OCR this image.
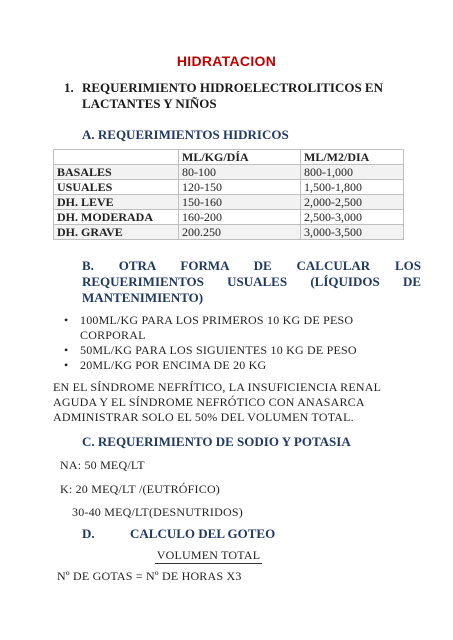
HIDRATACION
1. REQUERIMIENTO HIDROELECTROLITICOS EN LACTANTES Y NIÑOS
A. REQUERIMIENTOS HIDRICOS
	ML/KG/DÍA	ML/M2/DIA
BASALES	80-100	800-1,000
USUALES	120-150	1,500-1,800
DH. LEVE	150-160	2,000-2,500
DH. MODERADA	160-200	2,500-3,000
DH. GRAVE	200.250	3,000-3,500
B.     OTRA     FORMA     DE     CALCULAR     LOS
REQUERIMIENTOS      USUALES      (LÍQUIDOS      DE
MANTENIMIENTO)
• 100ML/KG PARA LOS PRIMEROS 10 KG DE PESO
CORPORAL
• 50ML/KG PARA LOS SIGUIENTES 10 KG DE PESO
• 20ML/KG POR ENCIMA DE 20 KG
EN EL SÍNDROME NEFRÍTICO, LA INSUFICIENCIA RENAL
AGUDA Y EL SÍNDROME NEFRÓTICO CON ANASARCA
ADMINISTRAR SOLO EL 50% DEL VOLUMEN TOTAL.
C. REQUERIMIENTO DE SODIO Y POTASIA
NA: 50 MEQ/LT
K: 20 MEQ/LT /(EUTRÓFICO)
30-40 MEQ/LT(DESNUTRIDOS)
D.	CALCULO DEL GOTEO
VOLUMEN TOTAL
Nº DE GOTAS = Nº DE HORAS X3
